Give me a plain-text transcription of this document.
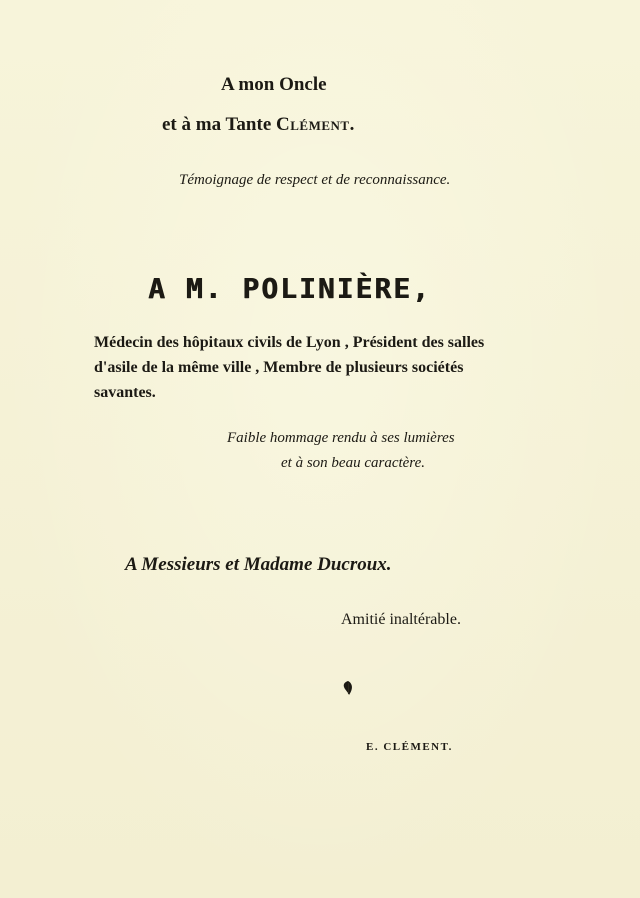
A mon Oncle

et à ma Tante Clément.

Témoignage de respect et de reconnaissance.

A M. POLINIÈRE,

Médecin des hôpitaux civils de Lyon , Président des salles
d'asile de la même ville , Membre de plusieurs sociétés
savantes.

Faible hommage rendu à ses lumières

et à son beau caractère.

A Messieurs et Madame Ducroux.

Amitié inaltérable.

E. CLÉMENT.
